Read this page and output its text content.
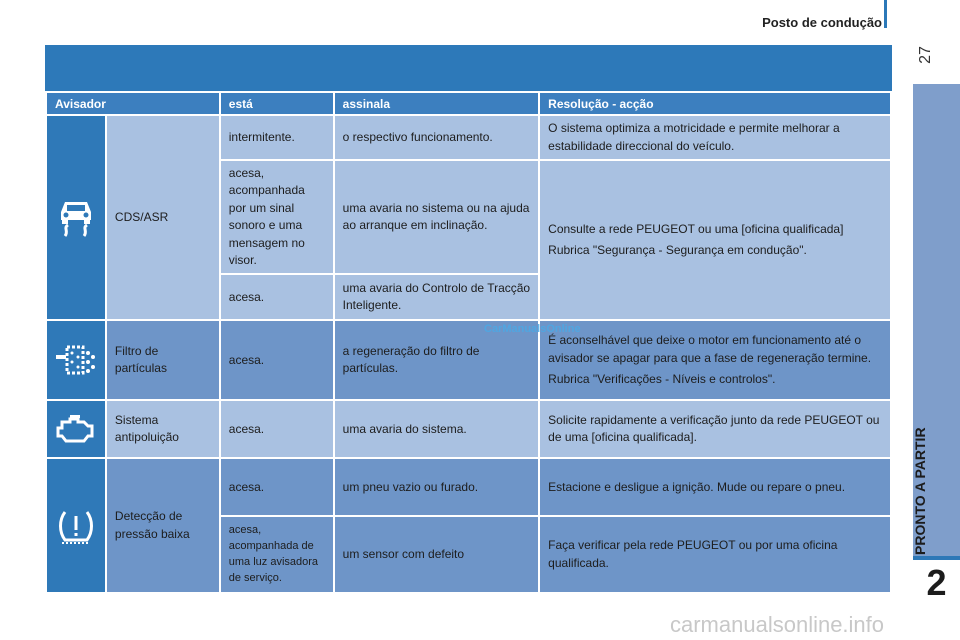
Posto de condução
27
2
Avisador		está	assinala	Resolução - acção

	CDS/ASR	intermitente.	o respectivo funcionamento.	O sistema optimiza a motricidade e permite melhorar a estabilidade direccional do veículo.
		acesa, acompanhada por um sinal sonoro e uma mensagem no visor.	uma avaria no sistema ou na ajuda ao arranque em inclinação.	Consulte a rede PEUGEOT ou uma [oficina qualificada]

Rubrica "Segurança - Segurança em condução".

		acesa.	uma avaria do Controlo de Tracção Inteligente.	

	Filtro de partículas	acesa.	a regeneração do filtro de partículas.	É aconselhável que deixe o motor em funcionamento até o avisador se apagar para que a fase de regeneração termine.

Rubrica "Verificações - Níveis e controlos".

	Sistema antipoluição	acesa.	uma avaria do sistema.	Solicite rapidamente a verificação junto da rede PEUGEOT ou de uma [oficina qualificada].

	Detecção de pressão baixa	acesa.	um pneu vazio ou furado.	Estacione e desligue a ignição. Mude ou repare o pneu.
		acesa, acompanhada de uma luz avisadora de serviço.	um sensor com defeito	Faça verificar pela rede PEUGEOT ou por uma oficina qualificada.
CarManualsOnline
carmanualsonline.info
